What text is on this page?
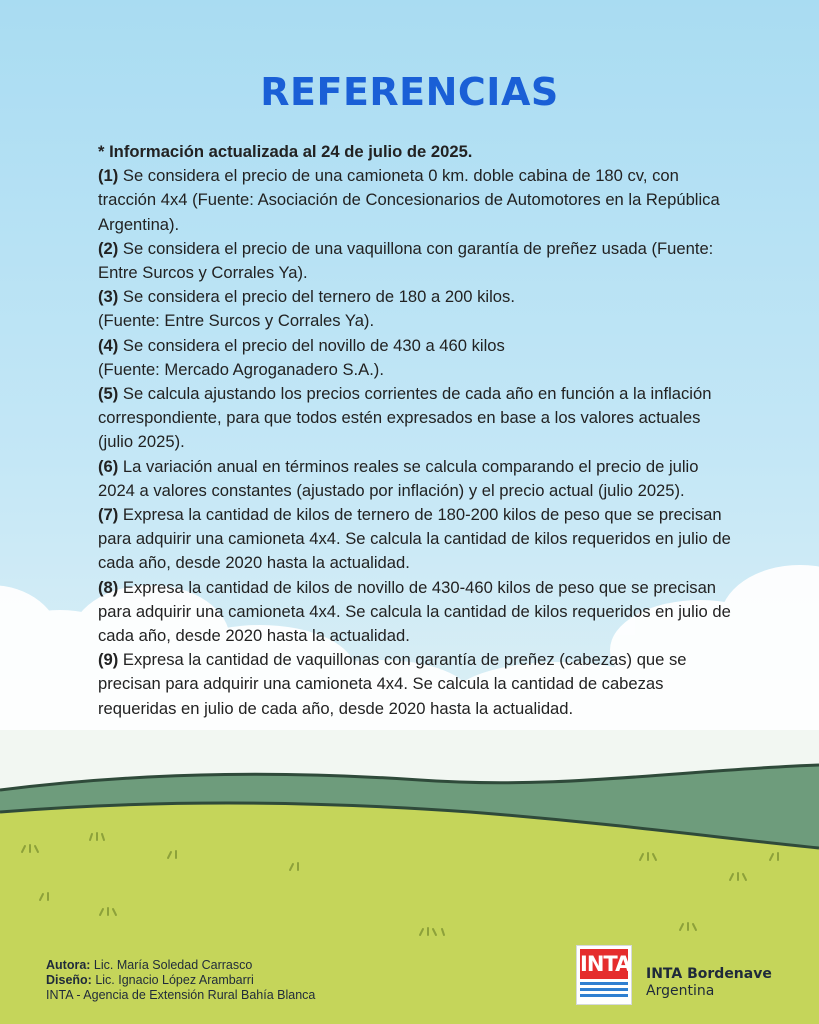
REFERENCIAS

* Información actualizada al 24 de julio de 2025.

(1) Se considera el precio de una camioneta 0 km. doble cabina de 180 cv, con tracción 4x4 (Fuente: Asociación de Concesionarios de Automotores en la República Argentina).

(2) Se considera el precio de una vaquillona con garantía de preñez usada (Fuente: Entre Surcos y Corrales Ya).

(3) Se considera el precio del ternero de 180 a 200 kilos.
(Fuente: Entre Surcos y Corrales Ya).

(4) Se considera el precio del novillo de 430 a 460 kilos
(Fuente: Mercado Agroganadero S.A.).

(5) Se calcula ajustando los precios corrientes de cada año en función a la inflación correspondiente, para que todos estén expresados en base a los valores actuales (julio 2025).

(6) La variación anual en términos reales se calcula comparando el precio de julio 2024 a valores constantes (ajustado por inflación) y el precio actual (julio 2025).

(7) Expresa la cantidad de kilos de ternero de 180-200 kilos de peso que se precisan para adquirir una camioneta 4x4. Se calcula la cantidad de kilos requeridos en julio de cada año, desde 2020 hasta la actualidad.

(8) Expresa la cantidad de kilos de novillo de 430-460 kilos de peso que se precisan para adquirir una camioneta 4x4. Se calcula la cantidad de kilos requeridos en julio de cada año, desde 2020 hasta la actualidad.

(9) Expresa la cantidad de vaquillonas con garantía de preñez (cabezas) que se precisan para adquirir una camioneta 4x4. Se calcula la cantidad de cabezas requeridas en julio de cada año, desde 2020 hasta la actualidad.

Autora: Lic. María Soledad Carrasco
Diseño: Lic. Ignacio López Arambarri
INTA - Agencia de Extensión Rural Bahía Blanca
INTA INTA Bordenave
Argentina
